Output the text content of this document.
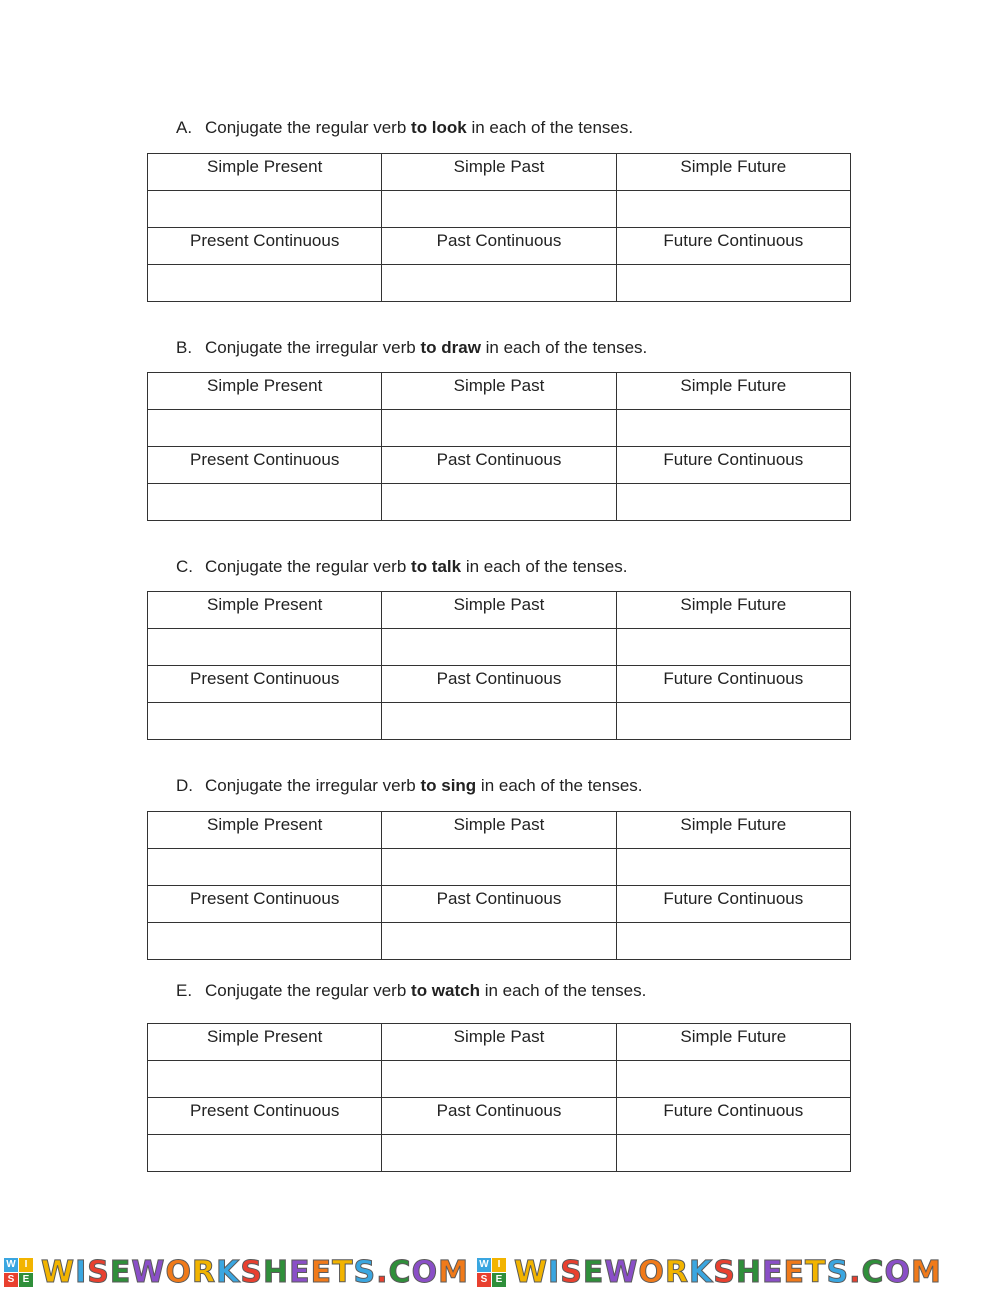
A. Conjugate the regular verb to look in each of the tenses.
Simple Present	Simple Past	Simple Future

Present Continuous	Past Continuous	Future Continuous

B. Conjugate the irregular verb to draw in each of the tenses.
Simple Present	Simple Past	Simple Future

Present Continuous	Past Continuous	Future Continuous

C. Conjugate the regular verb to talk in each of the tenses.
Simple Present	Simple Past	Simple Future

Present Continuous	Past Continuous	Future Continuous

D. Conjugate the irregular verb to sing in each of the tenses.
Simple Present	Simple Past	Simple Future

Present Continuous	Past Continuous	Future Continuous

E. Conjugate the regular verb to watch in each of the tenses.
Simple Present	Simple Past	Simple Future

Present Continuous	Past Continuous	Future Continuous

W I
S E WISEWORKSHEETS.COM W I
S E WISEWORKSHEETS.COM
